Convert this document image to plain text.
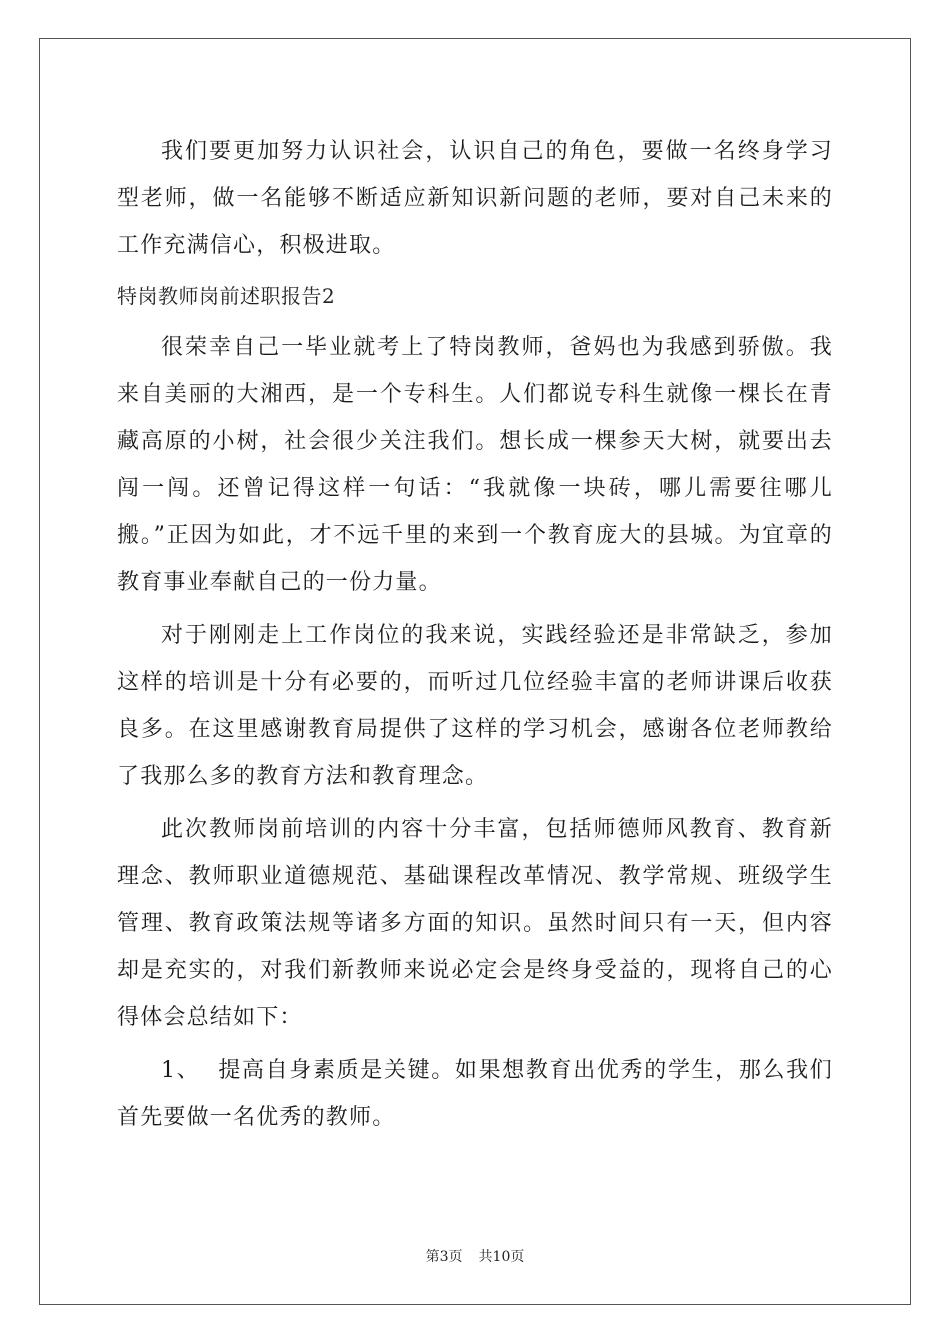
我们要更加努力认识社会，认识自己的角色，要做一名终身学习型老师，做一名能够不断适应新知识新问题的老师，要对自己未来的工作充满信心，积极进取。

特岗教师岗前述职报告2

很荣幸自己一毕业就考上了特岗教师，爸妈也为我感到骄傲。我来自美丽的大湘西，是一个专科生。人们都说专科生就像一棵长在青藏高原的小树，社会很少关注我们。想长成一棵参天大树，就要出去闯一闯。还曾记得这样一句话：“我就像一块砖，哪儿需要往哪儿搬。”正因为如此，才不远千里的来到一个教育庞大的县城。为宜章的教育事业奉献自己的一份力量。

对于刚刚走上工作岗位的我来说，实践经验还是非常缺乏，参加这样的培训是十分有必要的，而听过几位经验丰富的老师讲课后收获良多。在这里感谢教育局提供了这样的学习机会，感谢各位老师教给了我那么多的教育方法和教育理念。

此次教师岗前培训的内容十分丰富，包括师德师风教育、教育新理念、教师职业道德规范、基础课程改革情况、教学常规、班级学生管理、教育政策法规等诸多方面的知识。虽然时间只有一天，但内容却是充实的，对我们新教师来说必定会是终身受益的，现将自己的心得体会总结如下：

1、 提高自身素质是关键。如果想教育出优秀的学生，那么我们首先要做一名优秀的教师。

第3页 共10页
